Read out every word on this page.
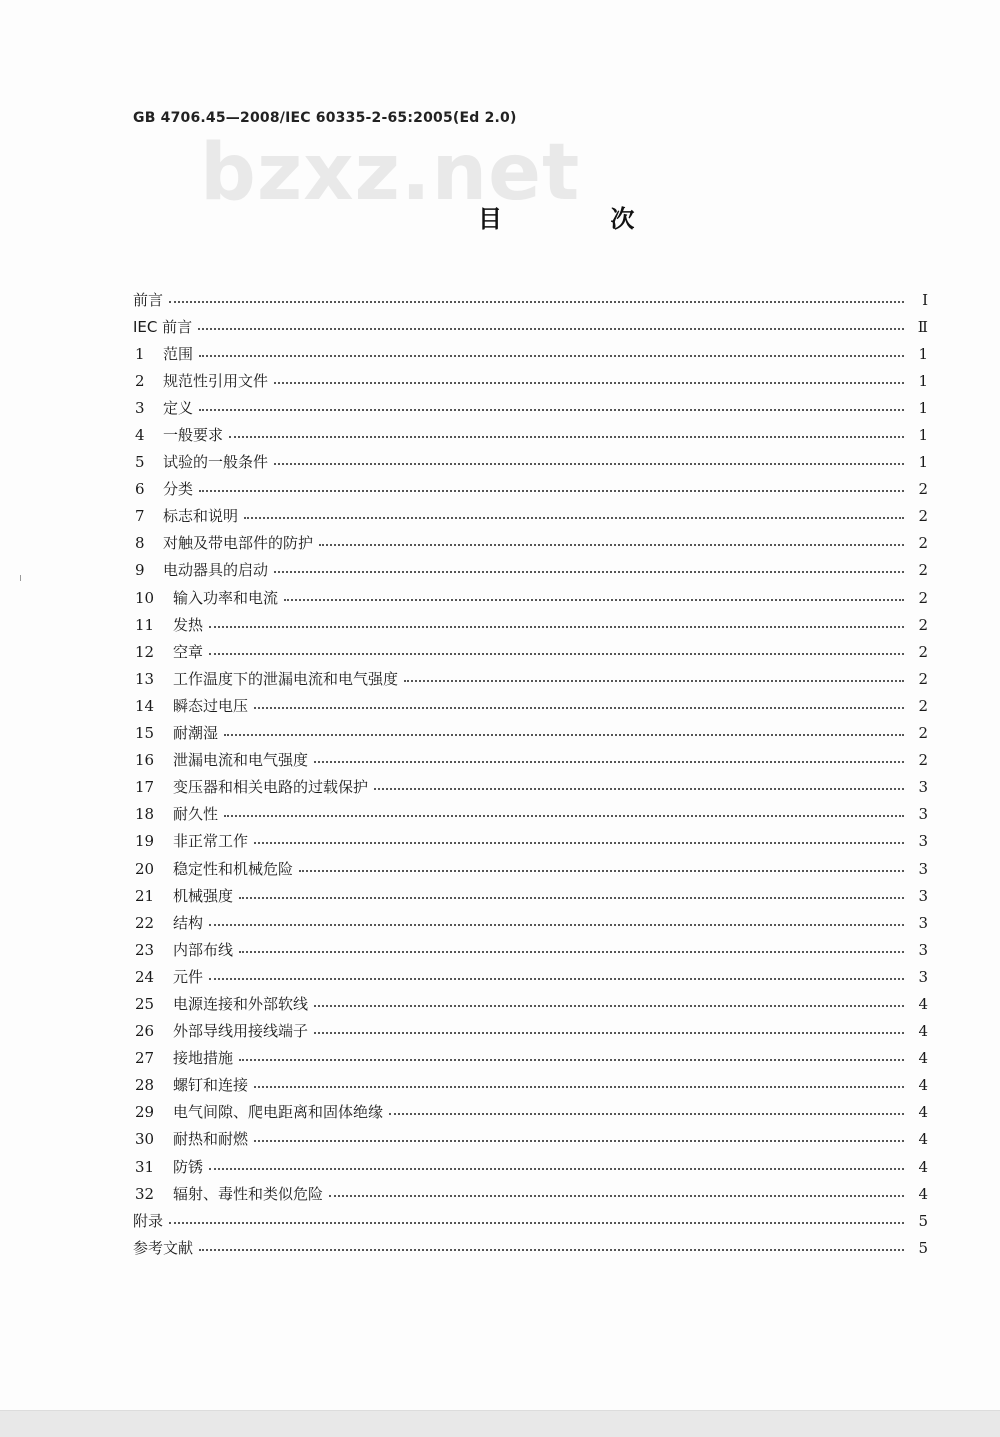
GB 4706.45—2008/IEC 60335-2-65:2005(Ed 2.0)
bzxz.net
目 次
前言	Ⅰ
IEC 前言	Ⅱ
1	范围	1
2	规范性引用文件	1
3	定义	1
4	一般要求	1
5	试验的一般条件	1
6	分类	2
7	标志和说明	2
8	对触及带电部件的防护	2
9	电动器具的启动	2
10	输入功率和电流	2
11	发热	2
12	空章	2
13	工作温度下的泄漏电流和电气强度	2
14	瞬态过电压	2
15	耐潮湿	2
16	泄漏电流和电气强度	2
17	变压器和相关电路的过载保护	3
18	耐久性	3
19	非正常工作	3
20	稳定性和机械危险	3
21	机械强度	3
22	结构	3
23	内部布线	3
24	元件	3
25	电源连接和外部软线	4
26	外部导线用接线端子	4
27	接地措施	4
28	螺钉和连接	4
29	电气间隙、爬电距离和固体绝缘	4
30	耐热和耐燃	4
31	防锈	4
32	辐射、毒性和类似危险	4
附录	5
参考文献	5
